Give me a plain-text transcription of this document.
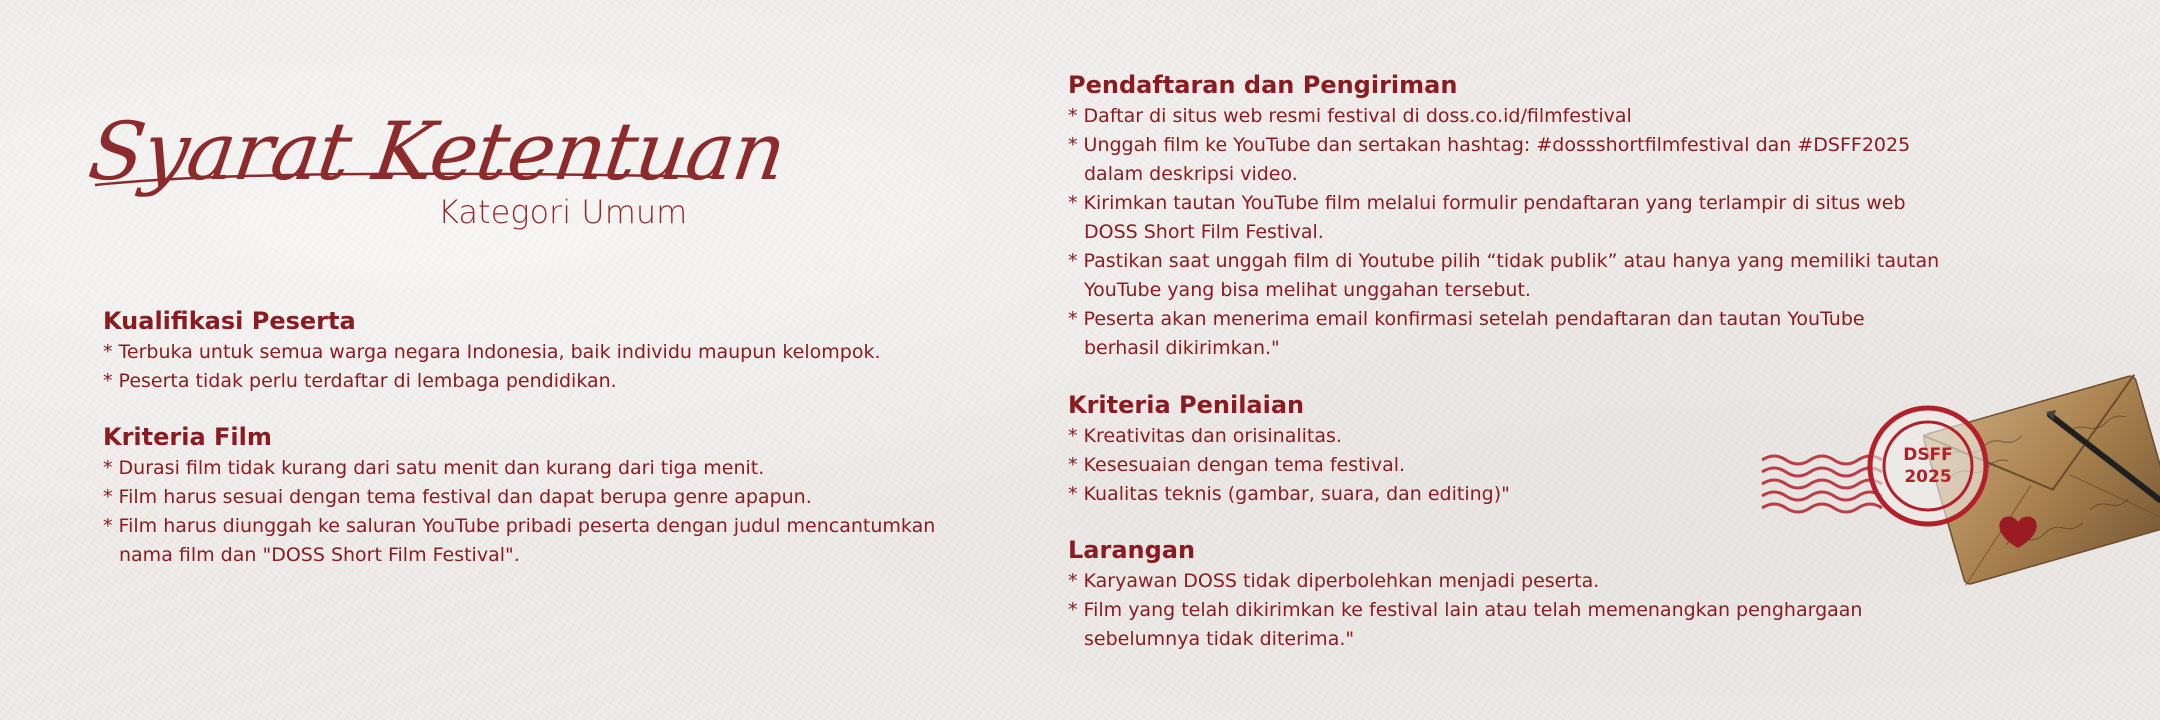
Syarat Ketentuan
Kategori Umum
Kualifikasi Peserta
* Terbuka untuk semua warga negara Indonesia, baik individu maupun kelompok.
* Peserta tidak perlu terdaftar di lembaga pendidikan.
Kriteria Film
* Durasi film tidak kurang dari satu menit dan kurang dari tiga menit.
* Film harus sesuai dengan tema festival dan dapat berupa genre apapun.
* Film harus diunggah ke saluran YouTube pribadi peserta dengan judul mencantumkan
nama film dan "DOSS Short Film Festival".
Pendaftaran dan Pengiriman
* Daftar di situs web resmi festival di doss.co.id/filmfestival
* Unggah film ke YouTube dan sertakan hashtag: #dossshortfilmfestival dan #DSFF2025
dalam deskripsi video.
* Kirimkan tautan YouTube film melalui formulir pendaftaran yang terlampir di situs web
DOSS Short Film Festival.
* Pastikan saat unggah film di Youtube pilih “tidak publik” atau hanya yang memiliki tautan
YouTube yang bisa melihat unggahan tersebut.
* Peserta akan menerima email konfirmasi setelah pendaftaran dan tautan YouTube
berhasil dikirimkan."
Kriteria Penilaian
* Kreativitas dan orisinalitas.
* Kesesuaian dengan tema festival.
* Kualitas teknis (gambar, suara, dan editing)"
Larangan
* Karyawan DOSS tidak diperbolehkan menjadi peserta.
* Film yang telah dikirimkan ke festival lain atau telah memenangkan penghargaan
sebelumnya tidak diterima."
DSFF
2025
